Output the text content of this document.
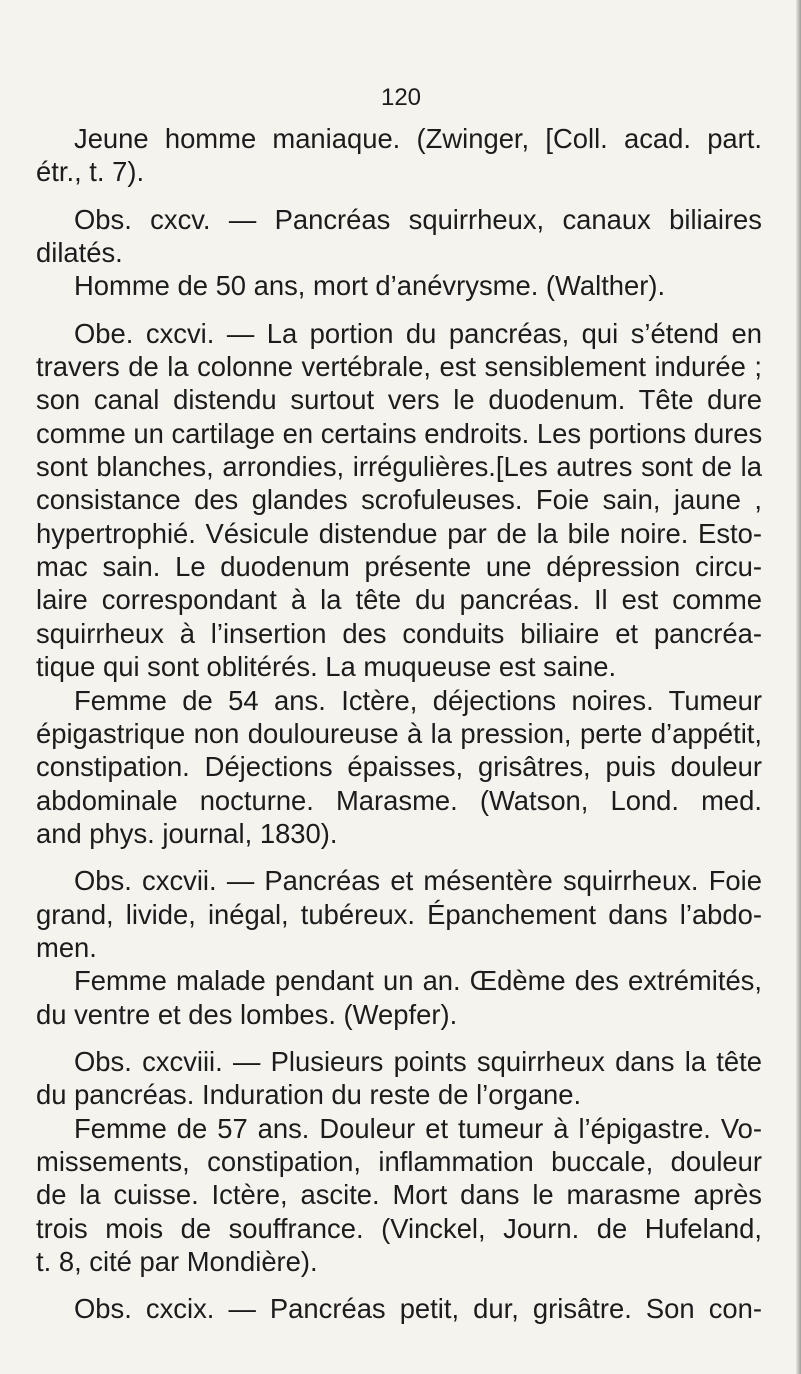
120
Jeune homme maniaque. (Zwinger, [Coll. acad. part.
étr., t. 7).
Obs. cxcv. — Pancréas squirrheux, canaux biliaires
dilatés.
Homme de 50 ans, mort d’anévrysme. (Walther).
Obe. cxcvi. — La portion du pancréas, qui s’étend en
travers de la colonne vertébrale, est sensiblement indurée ;
son canal distendu surtout vers le duodenum. Tête dure
comme un cartilage en certains endroits. Les portions dures
sont blanches, arrondies, irrégulières.[Les autres sont de la
consistance des glandes scrofuleuses. Foie sain, jaune ,
hypertrophié. Vésicule distendue par de la bile noire. Esto-
mac sain. Le duodenum présente une dépression circu-
laire correspondant à la tête du pancréas. Il est comme
squirrheux à l’insertion des conduits biliaire et pancréa-
tique qui sont oblitérés. La muqueuse est saine.
Femme de 54 ans. Ictère, déjections noires. Tumeur
épigastrique non douloureuse à la pression, perte d’appétit,
constipation. Déjections épaisses, grisâtres, puis douleur
abdominale nocturne. Marasme. (Watson, Lond. med.
and phys. journal, 1830).
Obs. cxcvii. — Pancréas et mésentère squirrheux. Foie
grand, livide, inégal, tubéreux. Épanchement dans l’abdo-
men.
Femme malade pendant un an. Œdème des extrémités,
du ventre et des lombes. (Wepfer).
Obs. cxcviii. — Plusieurs points squirrheux dans la tête
du pancréas. Induration du reste de l’organe.
Femme de 57 ans. Douleur et tumeur à l’épigastre. Vo-
missements, constipation, inflammation buccale, douleur
de la cuisse. Ictère, ascite. Mort dans le marasme après
trois mois de souffrance. (Vinckel, Journ. de Hufeland,
t. 8, cité par Mondière).
Obs. cxcix. — Pancréas petit, dur, grisâtre. Son con-
